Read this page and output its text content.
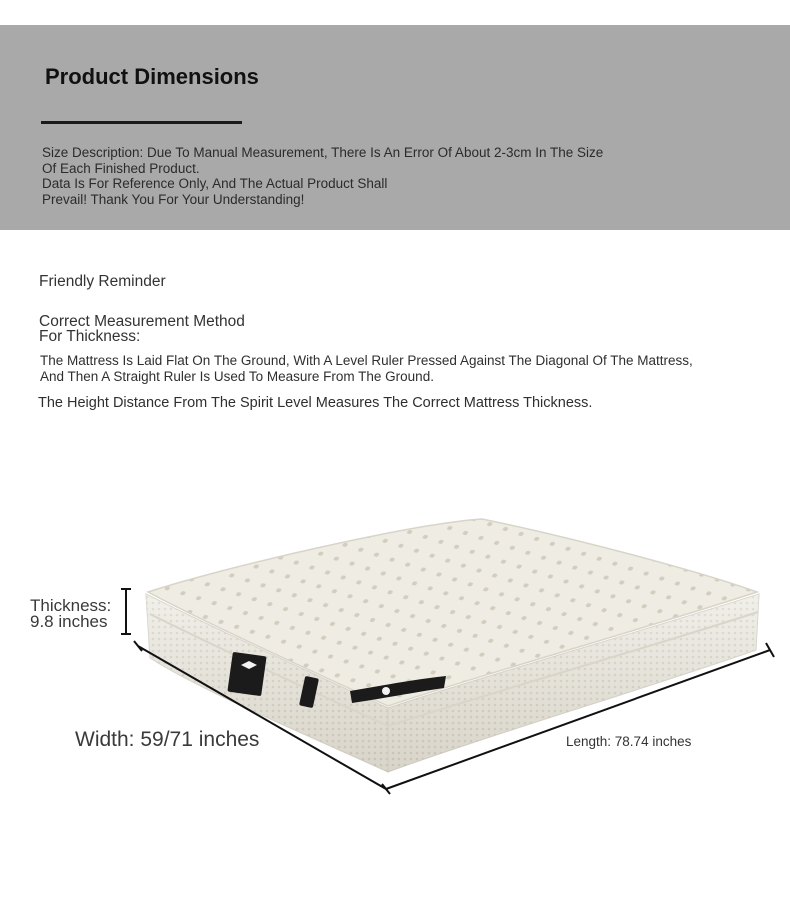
Product Dimensions
Size Description: Due To Manual Measurement, There Is An Error Of About 2-3cm In The Size
Of Each Finished Product.
Data Is For Reference Only, And The Actual Product Shall
Prevail! Thank You For Your Understanding!
Friendly Reminder
Correct Measurement Method
For Thickness:
The Mattress Is Laid Flat On The Ground, With A Level Ruler Pressed Against The Diagonal Of The Mattress,
And Then A Straight Ruler Is Used To Measure From The Ground.
The Height Distance From The Spirit Level Measures The Correct Mattress Thickness.
Thickness:
9.8 inches
Width: 59/71 inches	Length: 78.74 inches
